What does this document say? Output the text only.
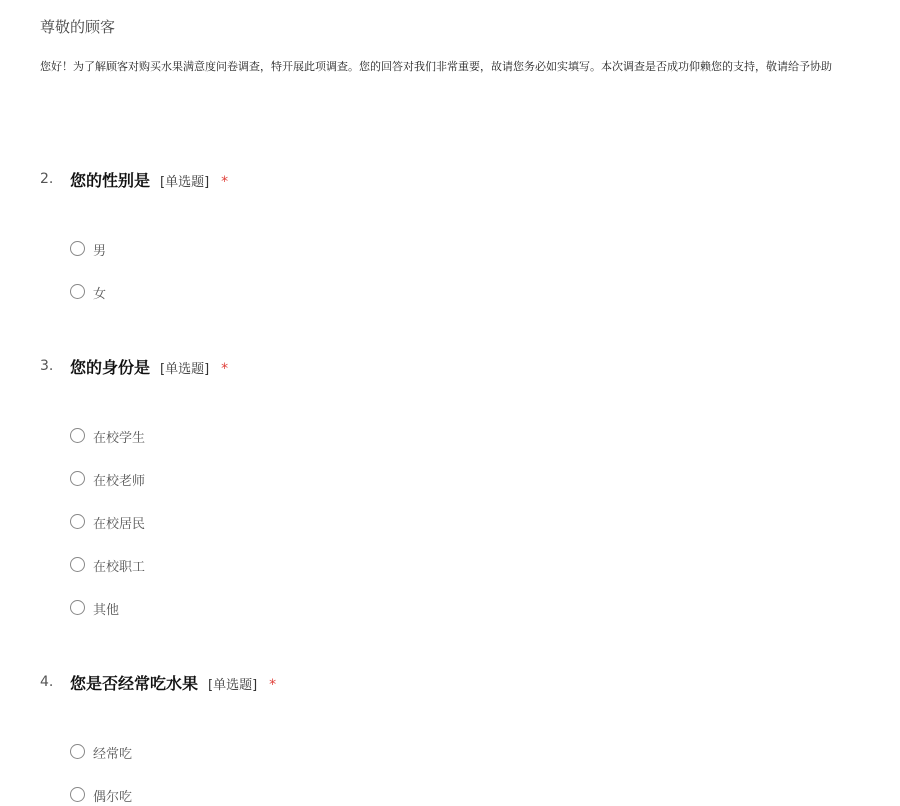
尊敬的顾客
您好！为了解顾客对购买水果满意度问卷调查，特开展此项调查。您的回答对我们非常重要，故请您务必如实填写。本次调查是否成功仰赖您的支持，敬请给予协助
2. 您的性别是 [单选题] *
男
女
3. 您的身份是 [单选题] *
在校学生
在校老师
在校居民
在校职工
其他
4. 您是否经常吃水果 [单选题] *
经常吃
偶尔吃
